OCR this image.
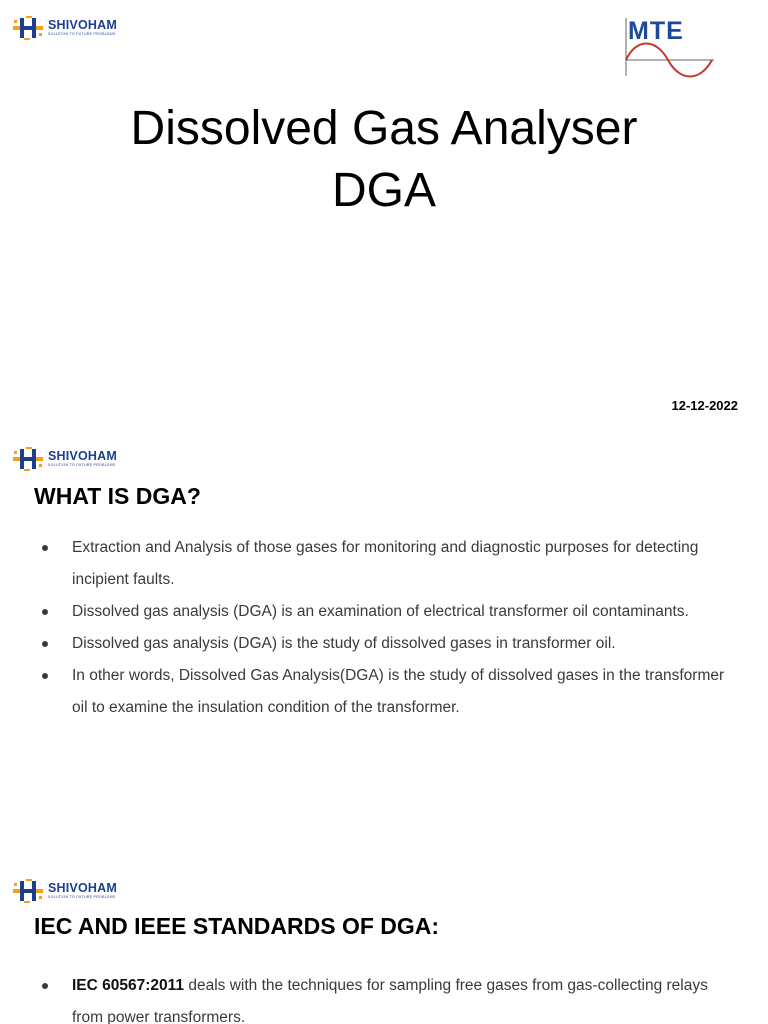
SHIVOHAM
SOLUTION TO FUTURE PROBLEMS	MTE
Dissolved Gas Analyser
DGA
12-12-2022
SHIVOHAM
SOLUTION TO FUTURE PROBLEMS
WHAT IS DGA?
Extraction and Analysis of those gases for monitoring and diagnostic purposes for detecting incipient faults.
Dissolved gas analysis (DGA) is an examination of electrical transformer oil contaminants.
Dissolved gas analysis (DGA) is the study of dissolved gases in transformer oil.
In other words, Dissolved Gas Analysis(DGA) is the study of dissolved gases in the transformer oil to examine the insulation condition of the transformer.
SHIVOHAM
SOLUTION TO FUTURE PROBLEMS
IEC AND IEEE STANDARDS OF DGA:
IEC 60567:2011 deals with the techniques for sampling free gases from gas-collecting relays from power transformers.
